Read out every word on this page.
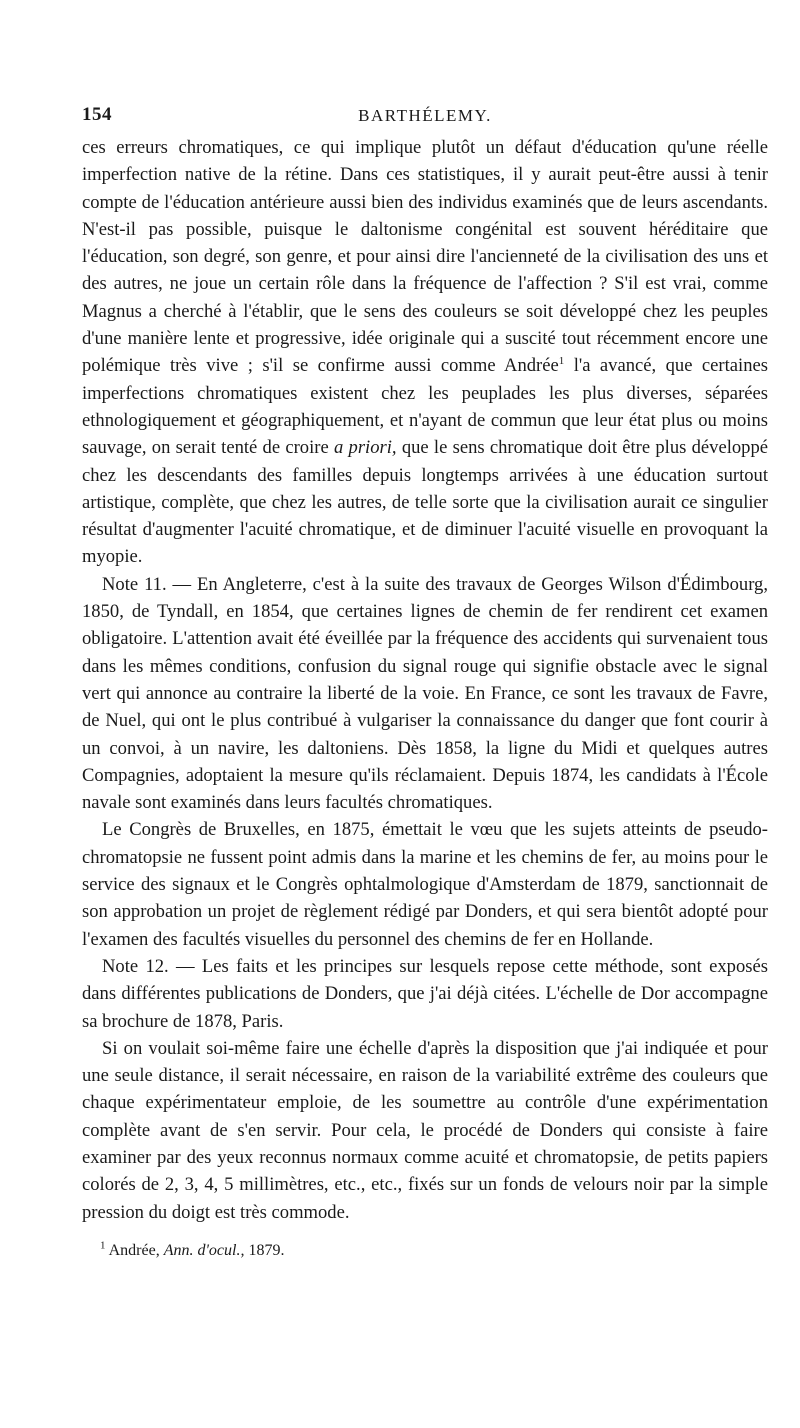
154	BARTHÉLEMY.

ces erreurs chromatiques, ce qui implique plutôt un défaut d'éducation qu'une réelle imperfection native de la rétine. Dans ces statistiques, il y aurait peut-être aussi à tenir compte de l'éducation antérieure aussi bien des individus examinés que de leurs ascendants. N'est-il pas possible, puisque le daltonisme congénital est souvent héréditaire que l'éducation, son degré, son genre, et pour ainsi dire l'ancienneté de la civilisation des uns et des autres, ne joue un certain rôle dans la fréquence de l'affection ? S'il est vrai, comme Magnus a cherché à l'établir, que le sens des couleurs se soit développé chez les peuples d'une manière lente et progressive, idée originale qui a suscité tout récemment encore une polémique très vive ; s'il se confirme aussi comme Andrée$^1$ l'a avancé, que certaines imperfections chromatiques existent chez les peuplades les plus diverses, séparées ethnologiquement et géographiquement, et n'ayant de commun que leur état plus ou moins sauvage, on serait tenté de croire a priori, que le sens chromatique doit être plus développé chez les descendants des familles depuis longtemps arrivées à une éducation surtout artistique, complète, que chez les autres, de telle sorte que la civilisation aurait ce singulier résultat d'augmenter l'acuité chromatique, et de diminuer l'acuité visuelle en provoquant la myopie.

Note 11. — En Angleterre, c'est à la suite des travaux de Georges Wilson d'Édimbourg, 1850, de Tyndall, en 1854, que certaines lignes de chemin de fer rendirent cet examen obligatoire. L'attention avait été éveillée par la fréquence des accidents qui survenaient tous dans les mêmes conditions, confusion du signal rouge qui signifie obstacle avec le signal vert qui annonce au contraire la liberté de la voie. En France, ce sont les travaux de Favre, de Nuel, qui ont le plus contribué à vulgariser la connaissance du danger que font courir à un convoi, à un navire, les daltoniens. Dès 1858, la ligne du Midi et quelques autres Compagnies, adoptaient la mesure qu'ils réclamaient. Depuis 1874, les candidats à l'École navale sont examinés dans leurs facultés chromatiques.

Le Congrès de Bruxelles, en 1875, émettait le vœu que les sujets atteints de pseudo-chromatopsie ne fussent point admis dans la marine et les chemins de fer, au moins pour le service des signaux et le Congrès ophtalmologique d'Amsterdam de 1879, sanctionnait de son approbation un projet de règlement rédigé par Donders, et qui sera bientôt adopté pour l'examen des facultés visuelles du personnel des chemins de fer en Hollande.

Note 12. — Les faits et les principes sur lesquels repose cette méthode, sont exposés dans différentes publications de Donders, que j'ai déjà citées. L'échelle de Dor accompagne sa brochure de 1878, Paris.

Si on voulait soi-même faire une échelle d'après la disposition que j'ai indiquée et pour une seule distance, il serait nécessaire, en raison de la variabilité extrême des couleurs que chaque expérimentateur emploie, de les soumettre au contrôle d'une expérimentation complète avant de s'en servir. Pour cela, le procédé de Donders qui consiste à faire examiner par des yeux reconnus normaux comme acuité et chromatopsie, de petits papiers colorés de 2, 3, 4, 5 millimètres, etc., etc., fixés sur un fonds de velours noir par la simple pression du doigt est très commode.

$^1$ Andrée, Ann. d'ocul., 1879.
